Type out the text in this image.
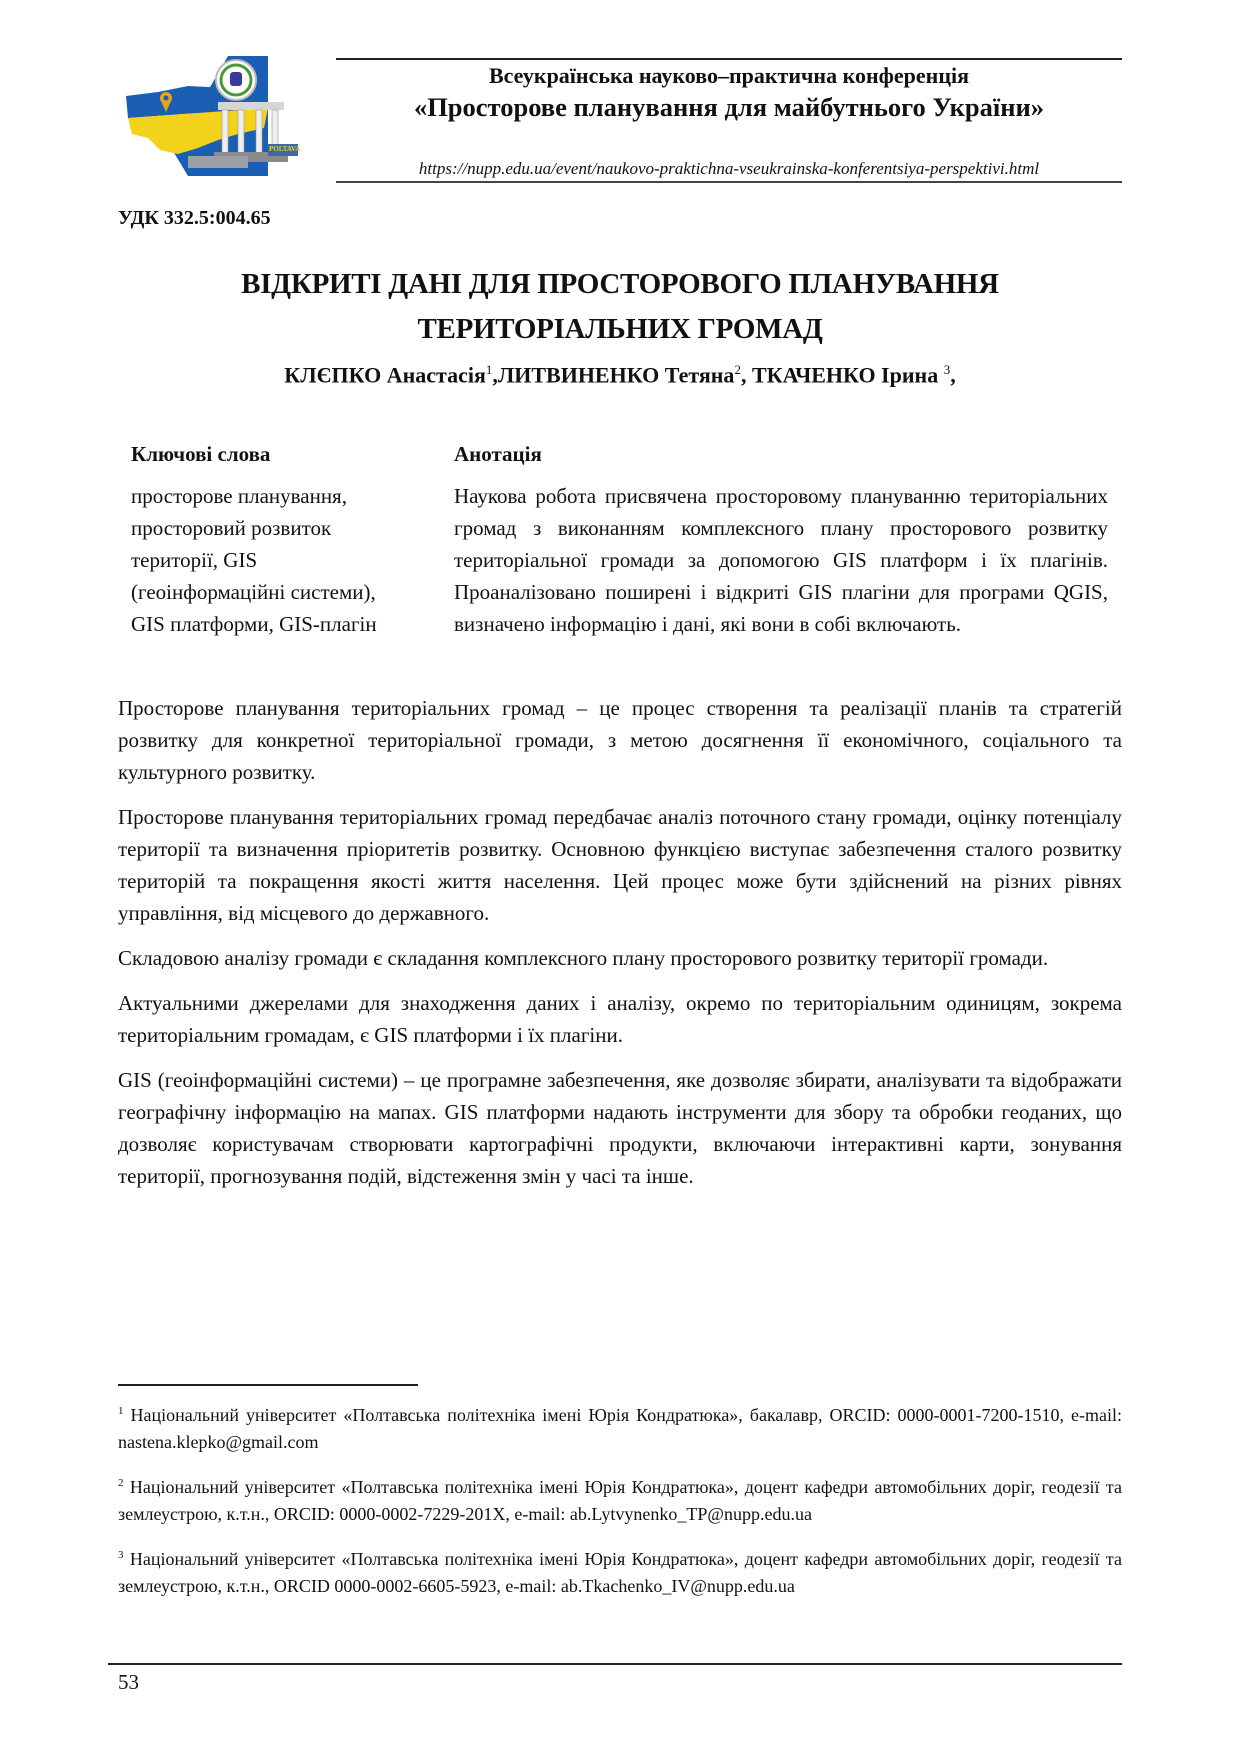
POLTAVA
Всеукраїнська науково–практична конференція
«Просторове планування для майбутнього України»
https://nupp.edu.ua/event/naukovo-praktichna-vseukrainska-konferentsiya-perspektivi.html
УДК 332.5:004.65
ВІДКРИТІ ДАНІ ДЛЯ ПРОСТОРОВОГО ПЛАНУВАННЯ
ТЕРИТОРІАЛЬНИХ ГРОМАД
КЛЄПКО Анастасія$^1$,ЛИТВИНЕНКО Тетяна$^2$, ТКАЧЕНКО Ірина $^3$,
Ключові слова
просторове планування,
просторовий розвиток
території, GIS
(геоінформаційні системи),
GIS платформи, GIS-плагін
Анотація
Наукова робота присвячена просторовому плануванню територіальних громад з виконанням комплексного плану просторового розвитку територіальної громади за допомогою GIS платформ і їх плагінів. Проаналізовано поширені і відкриті GIS плагіни для програми QGIS, визначено інформацію і дані, які вони в собі включають.

Просторове планування територіальних громад – це процес створення та реалізації планів та стратегій розвитку для конкретної територіальної громади, з метою досягнення її економічного, соціального та культурного розвитку.

Просторове планування територіальних громад передбачає аналіз поточного стану громади, оцінку потенціалу території та визначення пріоритетів розвитку. Основною функцією виступає забезпечення сталого розвитку територій та покращення якості життя населення. Цей процес може бути здійснений на різних рівнях управління, від місцевого до державного.

Складовою аналізу громади є складання комплексного плану просторового розвитку території громади.

Актуальними джерелами для знаходження даних і аналізу, окремо по територіальним одиницям, зокрема територіальним громадам, є GIS платформи і їх плагіни.

GIS (геоінформаційні системи) – це програмне забезпечення, яке дозволяє збирати, аналізувати та відображати географічну інформацію на мапах. GIS платформи надають інструменти для збору та обробки геоданих, що дозволяє користувачам створювати картографічні продукти, включаючи інтерактивні карти, зонування території, прогнозування подій, відстеження змін у часі та інше.

$^1$ Національний університет «Полтавська політехніка імені Юрія Кондратюка», бакалавр, ORCID: 0000-0001-7200-1510, e-mail: nastena.klepko@gmail.com
$^2$ Національний університет «Полтавська політехніка імені Юрія Кондратюка», доцент кафедри автомобільних доріг, геодезії та землеустрою, к.т.н., ORCID: 0000-0002-7229-201X, e-mail: ab.Lytvynenko_TP@nupp.edu.ua
$^3$ Національний університет «Полтавська політехніка імені Юрія Кондратюка», доцент кафедри автомобільних доріг, геодезії та землеустрою, к.т.н., ORCID 0000-0002-6605-5923, e-mail: ab.Tkachenko_IV@nupp.edu.ua
53
